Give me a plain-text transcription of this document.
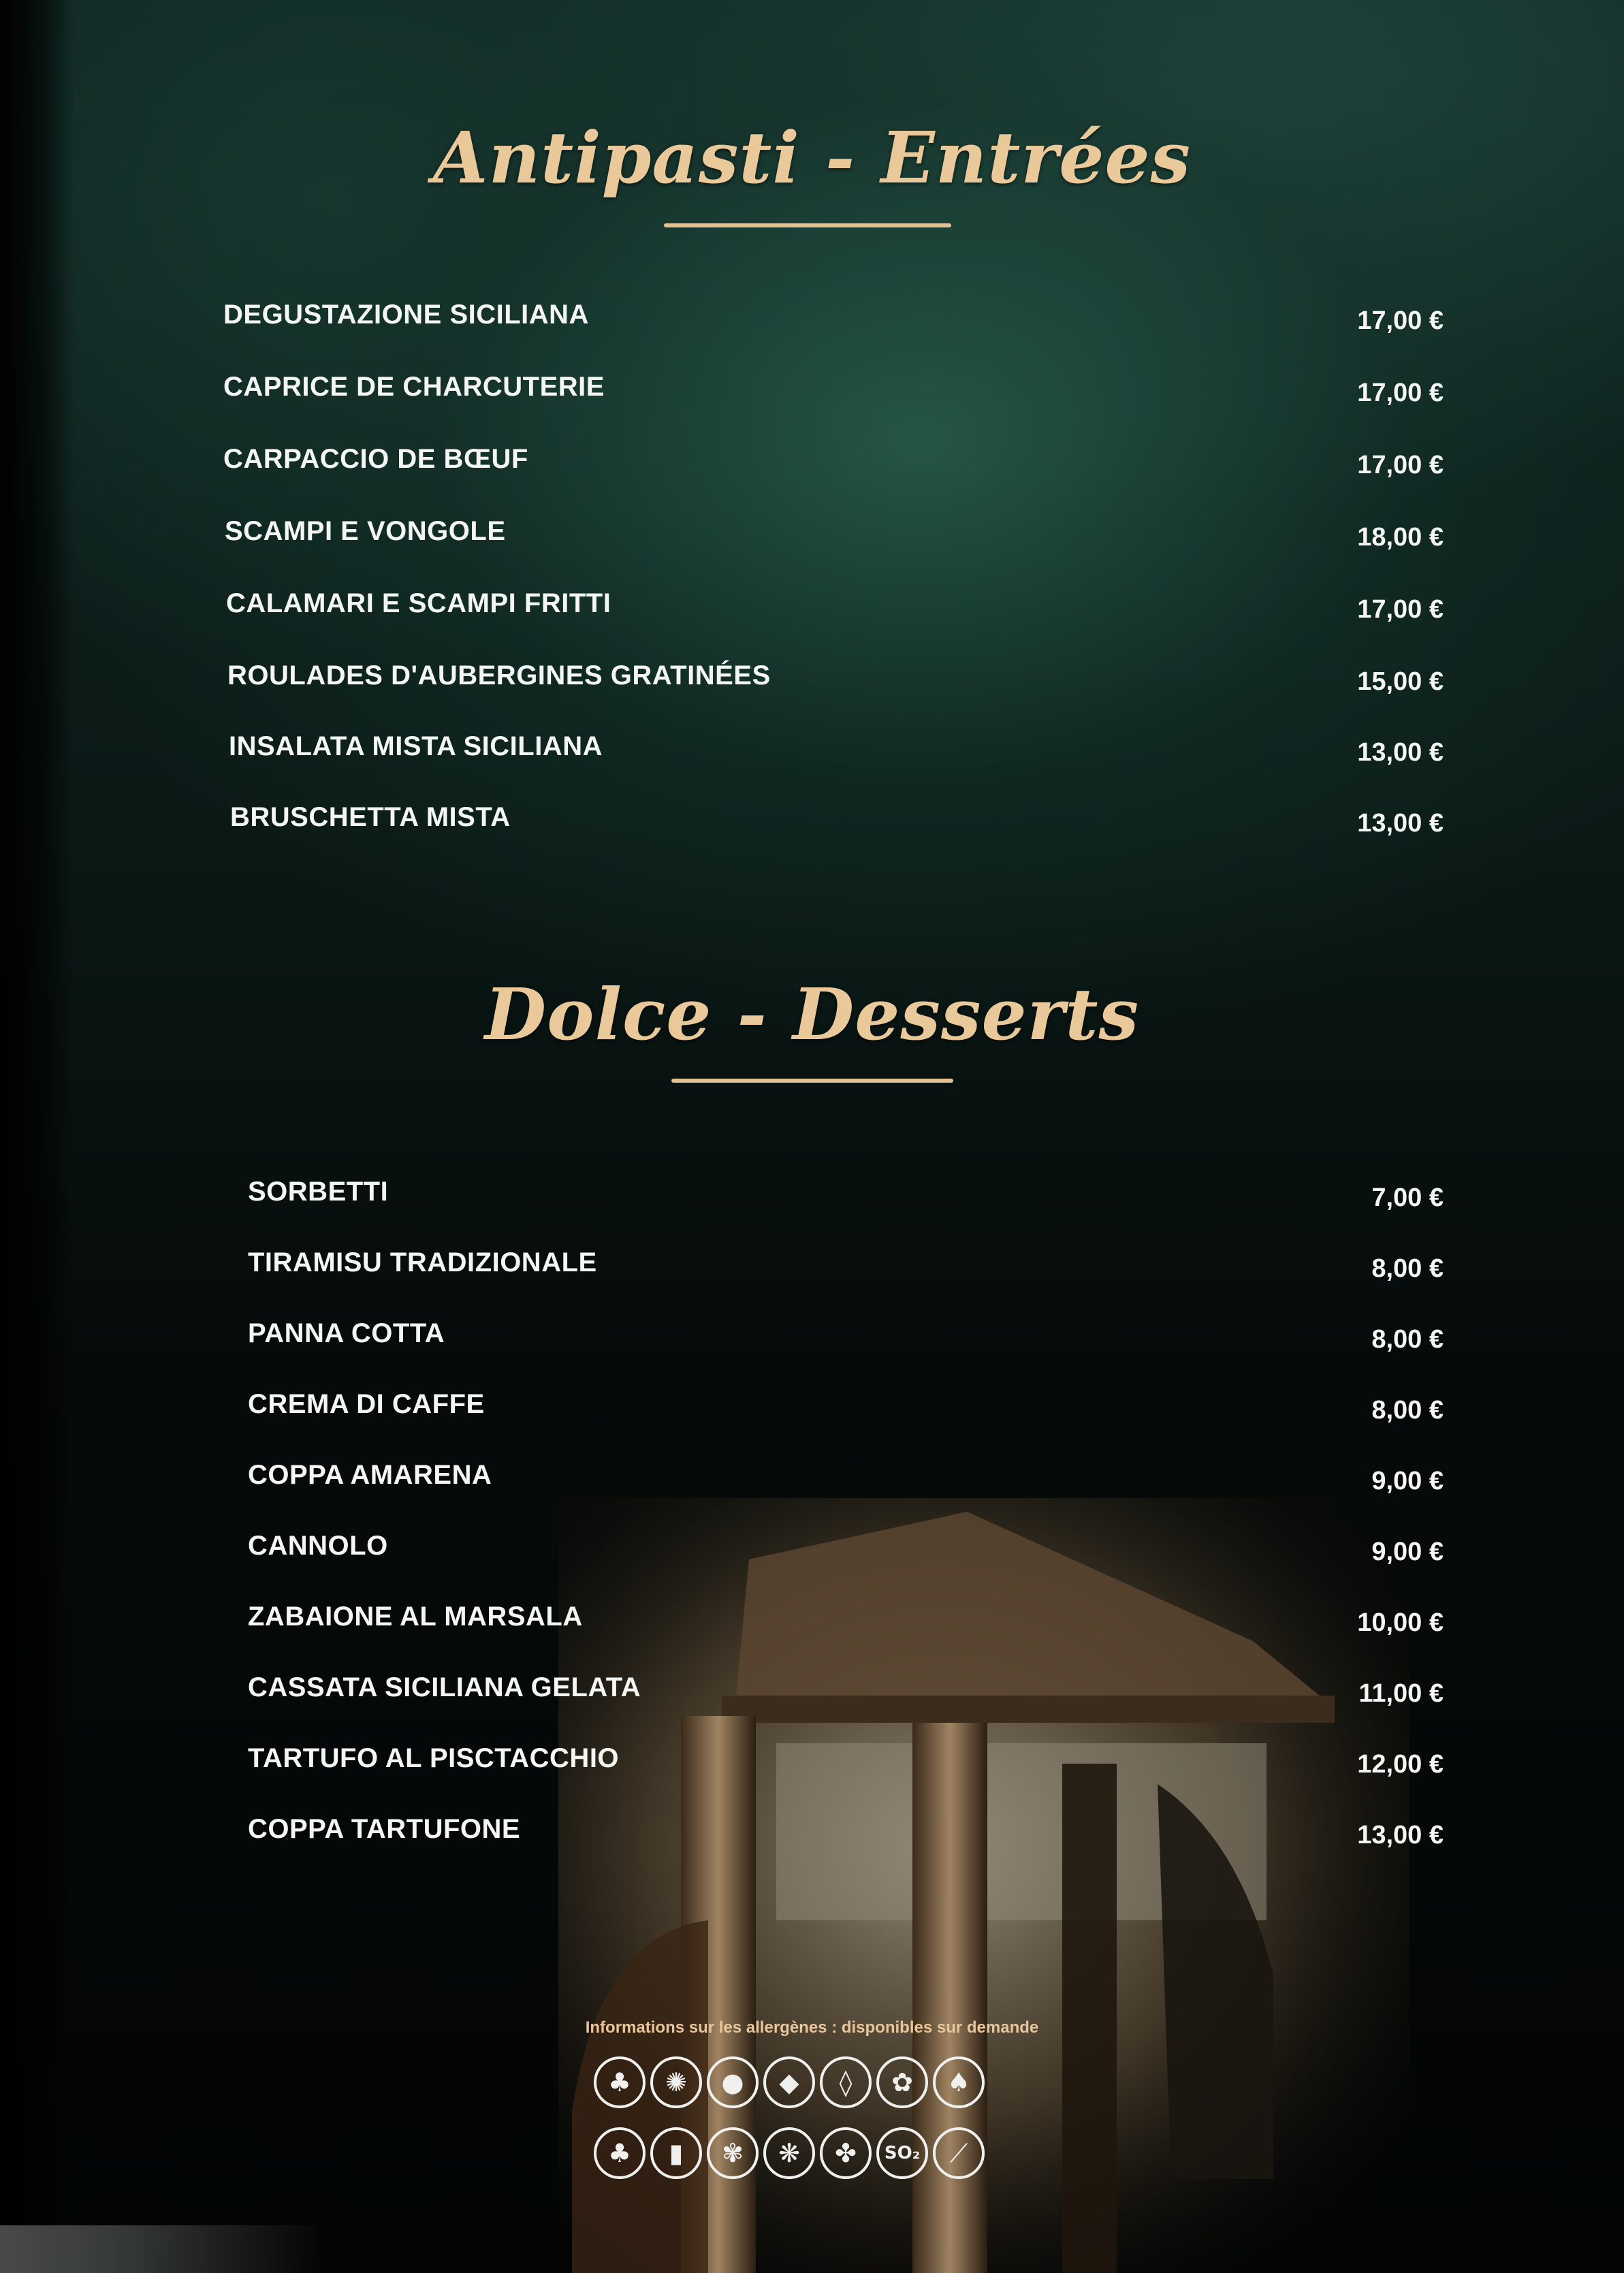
Antipasti - Entrées
DEGUSTAZIONE SICILIANA	17,00 €
CAPRICE DE CHARCUTERIE	17,00 €
CARPACCIO DE BŒUF	17,00 €
SCAMPI E VONGOLE	18,00 €
CALAMARI E SCAMPI FRITTI	17,00 €
ROULADES D'AUBERGINES GRATINÉES	15,00 €
INSALATA MISTA SICILIANA	13,00 €
BRUSCHETTA MISTA	13,00 €
Dolce - Desserts
SORBETTI	7,00 €
TIRAMISU TRADIZIONALE	8,00 €
PANNA COTTA	8,00 €
CREMA DI CAFFE	8,00 €
COPPA AMARENA	9,00 €
CANNOLO	9,00 €
ZABAIONE AL MARSALA	10,00 €
CASSATA SICILIANA GELATA	11,00 €
TARTUFO AL PISCTACCHIO	12,00 €
COPPA TARTUFONE	13,00 €
Informations sur les allergènes : disponibles sur demande
♣	✺	●	◆	◊	✿	♠
♣	▮	✾	❋	✤	SO₂	⟋
